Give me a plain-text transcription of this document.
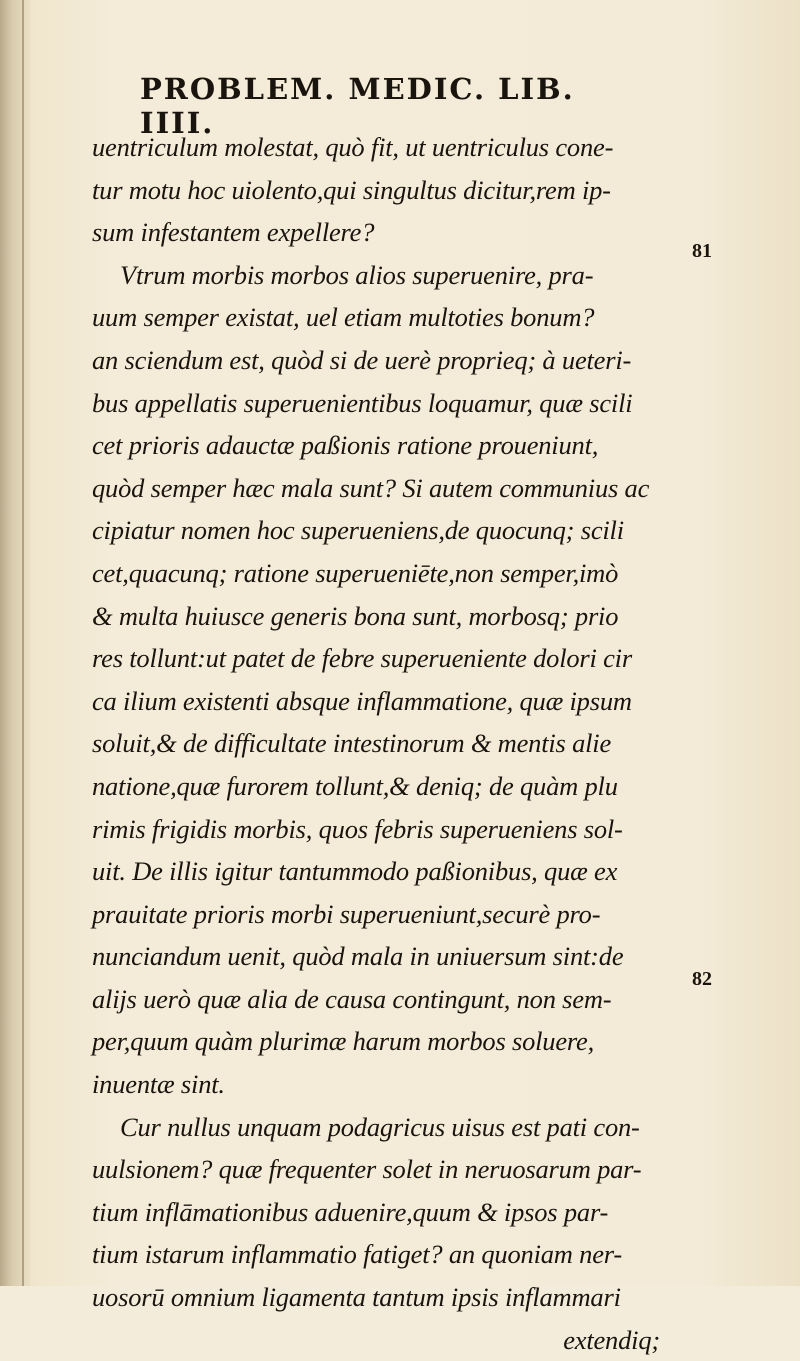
PROBLEM. MEDIC. LIB. IIII.
81
82
uentriculum molestat, quò fit, ut uentriculus cone-
tur motu hoc uiolento,qui singultus dicitur,rem ip-
sum infestantem expellere?
Vtrum morbis morbos alios superuenire, pra-
uum semper existat, uel etiam multoties bonum?
an sciendum est, quòd si de uerè proprieq; à ueteri-
bus appellatis superuenientibus loquamur, quæ scili
cet prioris adauctæ paßionis ratione proueniunt,
quòd semper hæc mala sunt? Si autem communius ac
cipiatur nomen hoc superueniens,de quocunq; scili
cet,quacunq; ratione superueniēte,non semper,imò
& multa huiusce generis bona sunt, morbosq; prio
res tollunt:ut patet de febre superueniente dolori cir
ca ilium existenti absque inflammatione, quæ ipsum
soluit,& de difficultate intestinorum & mentis alie
natione,quæ furorem tollunt,& deniq; de quàm plu
rimis frigidis morbis, quos febris superueniens sol-
uit. De illis igitur tantummodo paßionibus, quæ ex
prauitate prioris morbi superueniunt,securè pro-
nunciandum uenit, quòd mala in uniuersum sint:de
alijs uerò quæ alia de causa contingunt, non sem-
per,quum quàm plurimæ harum morbos soluere,
inuentæ sint.
Cur nullus unquam podagricus uisus est pati con-
uulsionem? quæ frequenter solet in neruosarum par-
tium inflāmationibus aduenire,quum & ipsos par-
tium istarum inflammatio fatiget? an quoniam ner-
uosorū omnium ligamenta tantum ipsis inflammari
extendiq;
